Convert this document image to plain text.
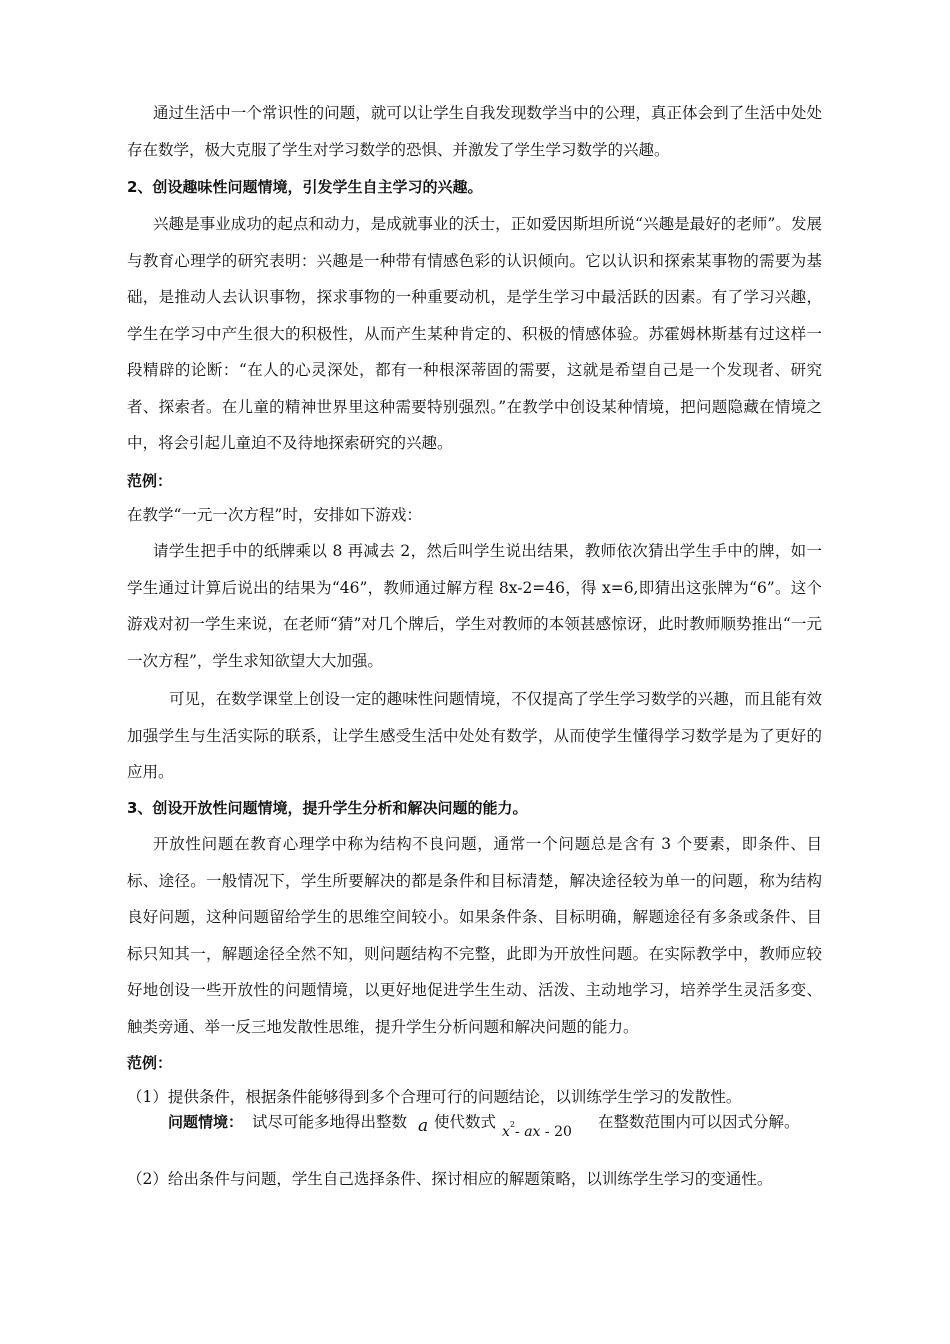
通过生活中一个常识性的问题，就可以让学生自我发现数学当中的公理，真正体会到了生活中处处存在数学，极大克服了学生对学习数学的恐惧、并激发了学生学习数学的兴趣。
2、创设趣味性问题情境，引发学生自主学习的兴趣。
兴趣是事业成功的起点和动力，是成就事业的沃士，正如爱因斯坦所说“兴趣是最好的老师”。发展与教育心理学的研究表明：兴趣是一种带有情感色彩的认识倾向。它以认识和探索某事物的需要为基础，是推动人去认识事物，探求事物的一种重要动机，是学生学习中最活跃的因素。有了学习兴趣，学生在学习中产生很大的积极性，从而产生某种肯定的、积极的情感体验。苏霍姆林斯基有过这样一段精辟的论断：“在人的心灵深处，都有一种根深蒂固的需要，这就是希望自己是一个发现者、研究者、探索者。在儿童的精神世界里这种需要特别强烈。”在教学中创设某种情境，把问题隐藏在情境之中，将会引起儿童迫不及待地探索研究的兴趣。
范例：
在教学“一元一次方程”时，安排如下游戏：
请学生把手中的纸牌乘以 8 再减去 2，然后叫学生说出结果，教师依次猜出学生手中的牌，如一学生通过计算后说出的结果为“46”，教师通过解方程 8x-2=46，得 x=6,即猜出这张牌为“6”。这个游戏对初一学生来说，在老师“猜”对几个牌后，学生对教师的本领甚感惊讶，此时教师顺势推出“一元一次方程”，学生求知欲望大大加强。
可见，在数学课堂上创设一定的趣味性问题情境，不仅提高了学生学习数学的兴趣，而且能有效加强学生与生活实际的联系，让学生感受生活中处处有数学，从而使学生懂得学习数学是为了更好的应用。
3、创设开放性问题情境，提升学生分析和解决问题的能力。
开放性问题在教育心理学中称为结构不良问题，通常一个问题总是含有 3 个要素，即条件、目标、途径。一般情况下，学生所要解决的都是条件和目标清楚，解决途径较为单一的问题，称为结构良好问题，这种问题留给学生的思维空间较小。如果条件条、目标明确，解题途径有多条或条件、目标只知其一，解题途径全然不知，则问题结构不完整，此即为开放性问题。在实际教学中，教师应较好地创设一些开放性的问题情境，以更好地促进学生生动、活泼、主动地学习，培养学生灵活多变、触类旁通、举一反三地发散性思维，提升学生分析问题和解决问题的能力。
范例：
（1）提供条件，根据条件能够得到多个合理可行的问题结论，以训练学生学习的发散性。
问题情境： 试尽可能多地得出整数 a 使代数式
$x^2-$ ax - 20
在整数范围内可以因式分解。
（2）给出条件与问题，学生自己选择条件、探讨相应的解题策略，以训练学生学习的变通性。
